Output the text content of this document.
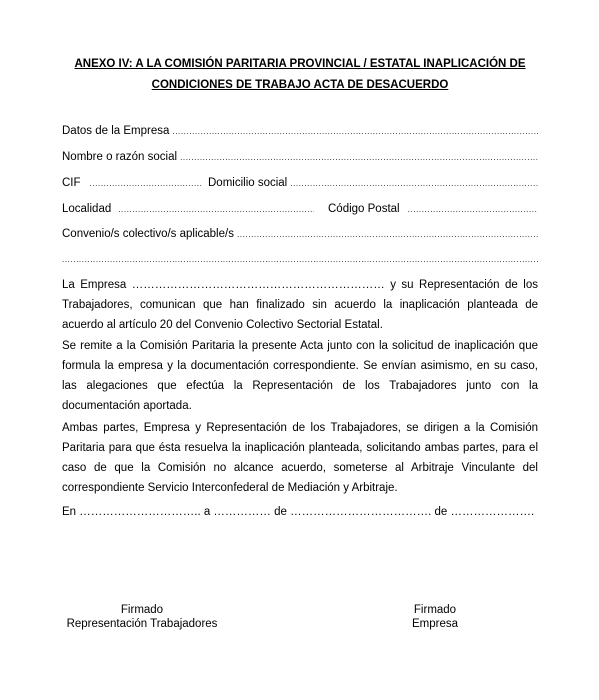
ANEXO IV: A LA COMISIÓN PARITARIA PROVINCIAL / ESTATAL INAPLICACIÓN DE
CONDICIONES DE TRABAJO ACTA DE DESACUERDO
Datos de la Empresa
.....
Nombre o razón social
.....
CIF .....	Domicilio social
.....
Localidad .....	Código Postal
.....
Convenio/s colectivo/s aplicable/s
.....
.....

La Empresa ………………………………………………………… y su Representación de los Trabajadores, comunican que han finalizado sin acuerdo la inaplicación planteada de acuerdo al artículo 20 del Convenio Colectivo Sectorial Estatal.

Se remite a la Comisión Paritaria la presente Acta junto con la solicitud de inaplicación que formula la empresa y la documentación correspondiente. Se envían asimismo, en su caso, las alegaciones que efectúa la Representación de los Trabajadores junto con la documentación aportada.

Ambas partes, Empresa y Representación de los Trabajadores, se dirigen a la Comisión Paritaria para que ésta resuelva la inaplicación planteada, solicitando ambas partes, para el caso de que la Comisión no alcance acuerdo, someterse al Arbitraje Vinculante del correspondiente Servicio Interconfederal de Mediación y Arbitraje.

En ………………………….. a …………… de ………………………………. de ………………….

Firmado
Representación Trabajadores
Firmado
Empresa
